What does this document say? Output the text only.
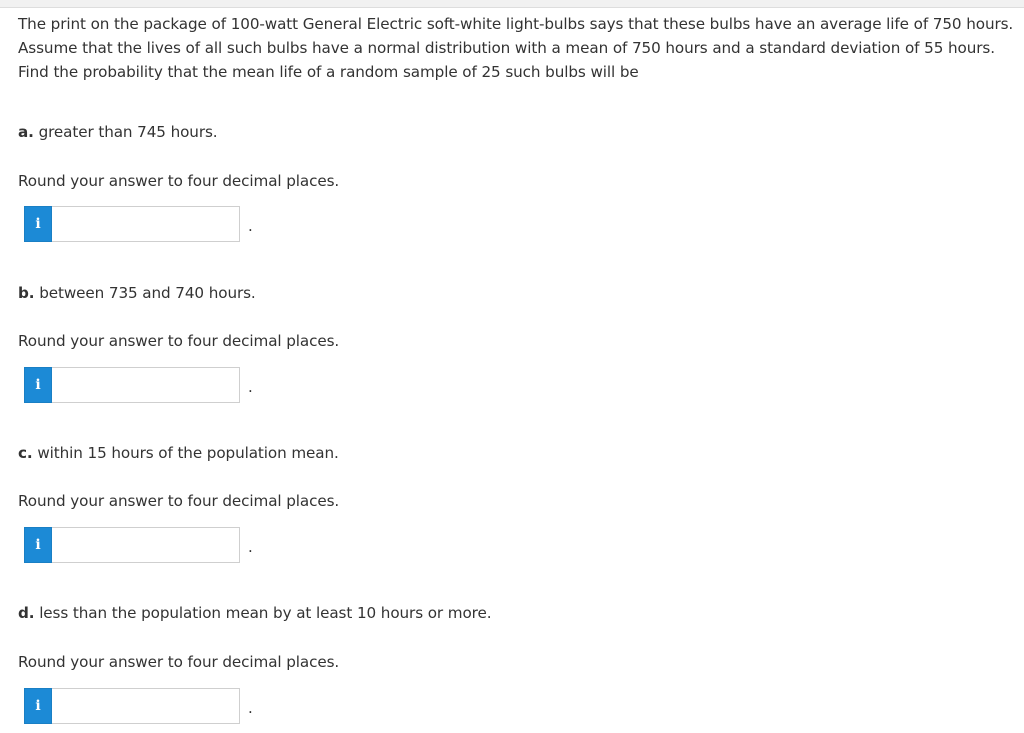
The print on the package of 100-watt General Electric soft-white light-bulbs says that these bulbs have an average life of 750 hours. Assume that the lives of all such bulbs have a normal distribution with a mean of 750 hours and a standard deviation of 55 hours. Find the probability that the mean life of a random sample of 25 such bulbs will be

a. greater than 745 hours.

Round your answer to four decimal places.

i	.

b. between 735 and 740 hours.

Round your answer to four decimal places.

i	.

c. within 15 hours of the population mean.

Round your answer to four decimal places.

i	.

d. less than the population mean by at least 10 hours or more.

Round your answer to four decimal places.

i	.
